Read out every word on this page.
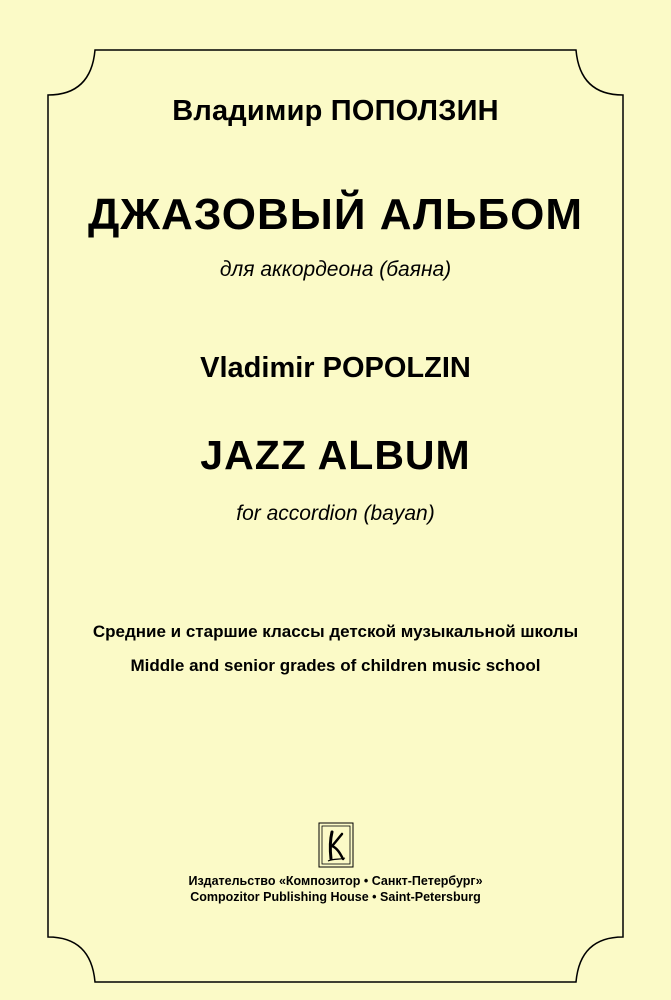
Владимир ПОПОЛЗИН
ДЖАЗОВЫЙ АЛЬБОМ
для аккордеона (баяна)
Vladimir POPOLZIN
JAZZ ALBUM
for accordion (bayan)
Средние и старшие классы детской музыкальной школы
Middle and senior grades of children music school
Издательство «Композитор • Санкт-Петербург»
Compozitor Publishing House • Saint-Petersburg
